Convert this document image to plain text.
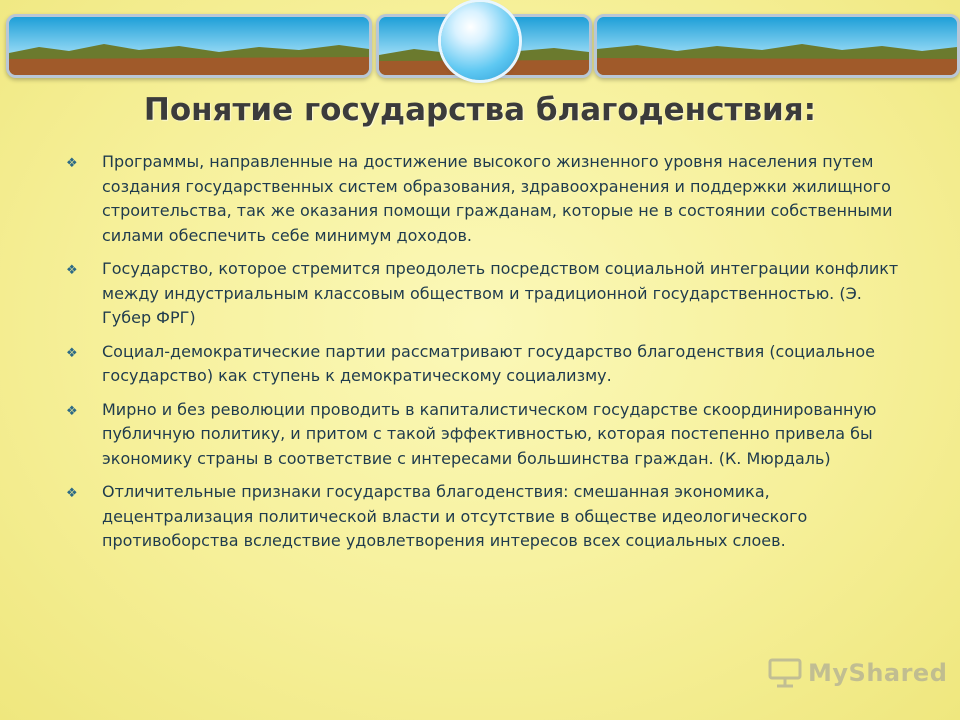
Понятие государства благоденствия:
❖ Программы, направленные на достижение высокого жизненного уровня населения путем создания государственных систем образования, здравоохранения и поддержки жилищного строительства, так же оказания помощи гражданам, которые не в состоянии собственными силами обеспечить себе минимум доходов.
❖ Государство, которое стремится преодолеть посредством социальной интеграции конфликт между индустриальным классовым обществом и традиционной государственностью. (Э. Губер ФРГ)
❖ Социал-демократические партии рассматривают государство благоденствия (социальное государство) как ступень к демократическому социализму.
❖ Мирно и без революции проводить в капиталистическом государстве скоординированную публичную политику, и притом с такой эффективностью, которая постепенно привела бы экономику страны в соответствие с интересами большинства граждан. (К. Мюрдаль)
❖ Отличительные признаки государства благоденствия: смешанная экономика, децентрализация политической власти и отсутствие в обществе идеологического противоборства вследствие удовлетворения интересов всех социальных слоев.
MyShared
